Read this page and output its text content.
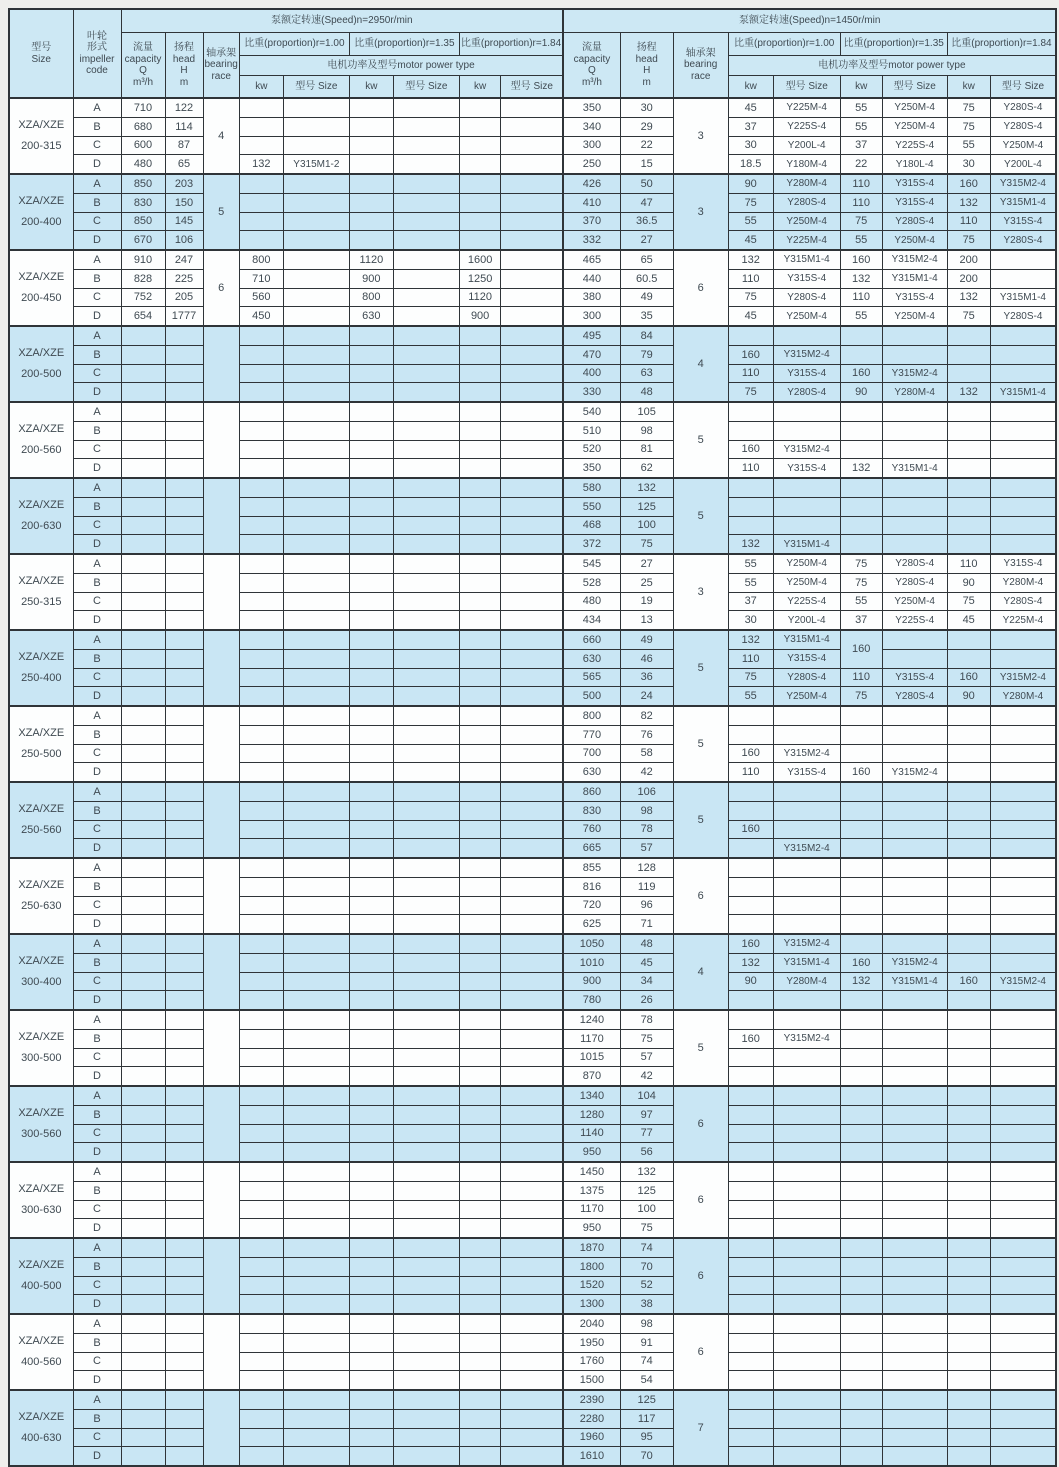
型号
Size	叶轮
形式
impeller
code	泵额定转速(Speed)n=2950r/min									泵额定转速(Speed)n=1450r/min								

		流量
capacity
Q
m³/h	扬程
head
H
m	轴承架
bearing
race	比重(proportion)r=1.00		比重(proportion)r=1.35		比重(proportion)r=1.84		流量
capacity
Q
m³/h	扬程
head
H
m	轴承架
bearing
race	比重(proportion)r=1.00		比重(proportion)r=1.35		比重(proportion)r=1.84	
					电机功率及型号motor power type									电机功率及型号motor power type					
					kw	型号 Size	kw	型号 Size	kw	型号 Size				kw	型号 Size	kw	型号 Size	kw	型号 Size

XZA/XZE
200-315	A	710	122	4							350	30	3	45	Y225M-4	55	Y250M-4	75	Y280S-4
	B	680	114								340	29		37	Y225S-4	55	Y250M-4	75	Y280S-4
	C	600	87								300	22		30	Y200L-4	37	Y225S-4	55	Y250M-4
	D	480	65		132	Y315M1-2					250	15		18.5	Y180M-4	22	Y180L-4	30	Y200L-4

XZA/XZE
200-400	A	850	203	5							426	50	3	90	Y280M-4	110	Y315S-4	160	Y315M2-4
	B	830	150								410	47		75	Y280S-4	110	Y315S-4	132	Y315M1-4
	C	850	145								370	36.5		55	Y250M-4	75	Y280S-4	110	Y315S-4
	D	670	106								332	27		45	Y225M-4	55	Y250M-4	75	Y280S-4

XZA/XZE
200-450	A	910	247	6	800		1120		1600		465	65	6	132	Y315M1-4	160	Y315M2-4	200	
	B	828	225		710		900		1250		440	60.5		110	Y315S-4	132	Y315M1-4	200	
	C	752	205		560		800		1120		380	49		75	Y280S-4	110	Y315S-4	132	Y315M1-4
	D	654	1777		450		630		900		300	35		45	Y250M-4	55	Y250M-4	75	Y280S-4

XZA/XZE
200-500	A										495	84	4						
	B										470	79		160	Y315M2-4				
	C										400	63		110	Y315S-4	160	Y315M2-4		
	D										330	48		75	Y280S-4	90	Y280M-4	132	Y315M1-4

XZA/XZE
200-560	A										540	105	5						
	B										510	98							
	C										520	81		160	Y315M2-4				
	D										350	62		110	Y315S-4	132	Y315M1-4		

XZA/XZE
200-630	A										580	132	5						
	B										550	125							
	C										468	100							
	D										372	75		132	Y315M1-4				

XZA/XZE
250-315	A										545	27	3	55	Y250M-4	75	Y280S-4	110	Y315S-4
	B										528	25		55	Y250M-4	75	Y280S-4	90	Y280M-4
	C										480	19		37	Y225S-4	55	Y250M-4	75	Y280S-4
	D										434	13		30	Y200L-4	37	Y225S-4	45	Y225M-4

XZA/XZE
250-400	A										660	49	5	132	Y315M1-4	160			
	B										630	46		110	Y315S-4				
	C										565	36		75	Y280S-4	110	Y315S-4	160	Y315M2-4
	D										500	24		55	Y250M-4	75	Y280S-4	90	Y280M-4

XZA/XZE
250-500	A										800	82	5						
	B										770	76							
	C										700	58		160	Y315M2-4				
	D										630	42		110	Y315S-4	160	Y315M2-4		

XZA/XZE
250-560	A										860	106	5						
	B										830	98							
	C										760	78		160					
	D										665	57			Y315M2-4				

XZA/XZE
250-630	A										855	128	6						
	B										816	119							
	C										720	96							
	D										625	71							

XZA/XZE
300-400	A										1050	48	4	160	Y315M2-4				
	B										1010	45		132	Y315M1-4	160	Y315M2-4		
	C										900	34		90	Y280M-4	132	Y315M1-4	160	Y315M2-4
	D										780	26							

XZA/XZE
300-500	A										1240	78	5						
	B										1170	75		160	Y315M2-4				
	C										1015	57							
	D										870	42							

XZA/XZE
300-560	A										1340	104	6						
	B										1280	97							
	C										1140	77							
	D										950	56							

XZA/XZE
300-630	A										1450	132	6						
	B										1375	125							
	C										1170	100							
	D										950	75							

XZA/XZE
400-500	A										1870	74	6						
	B										1800	70							
	C										1520	52							
	D										1300	38							

XZA/XZE
400-560	A										2040	98	6						
	B										1950	91							
	C										1760	74							
	D										1500	54							

XZA/XZE
400-630	A										2390	125	7						
	B										2280	117							
	C										1960	95							
	D										1610	70							
